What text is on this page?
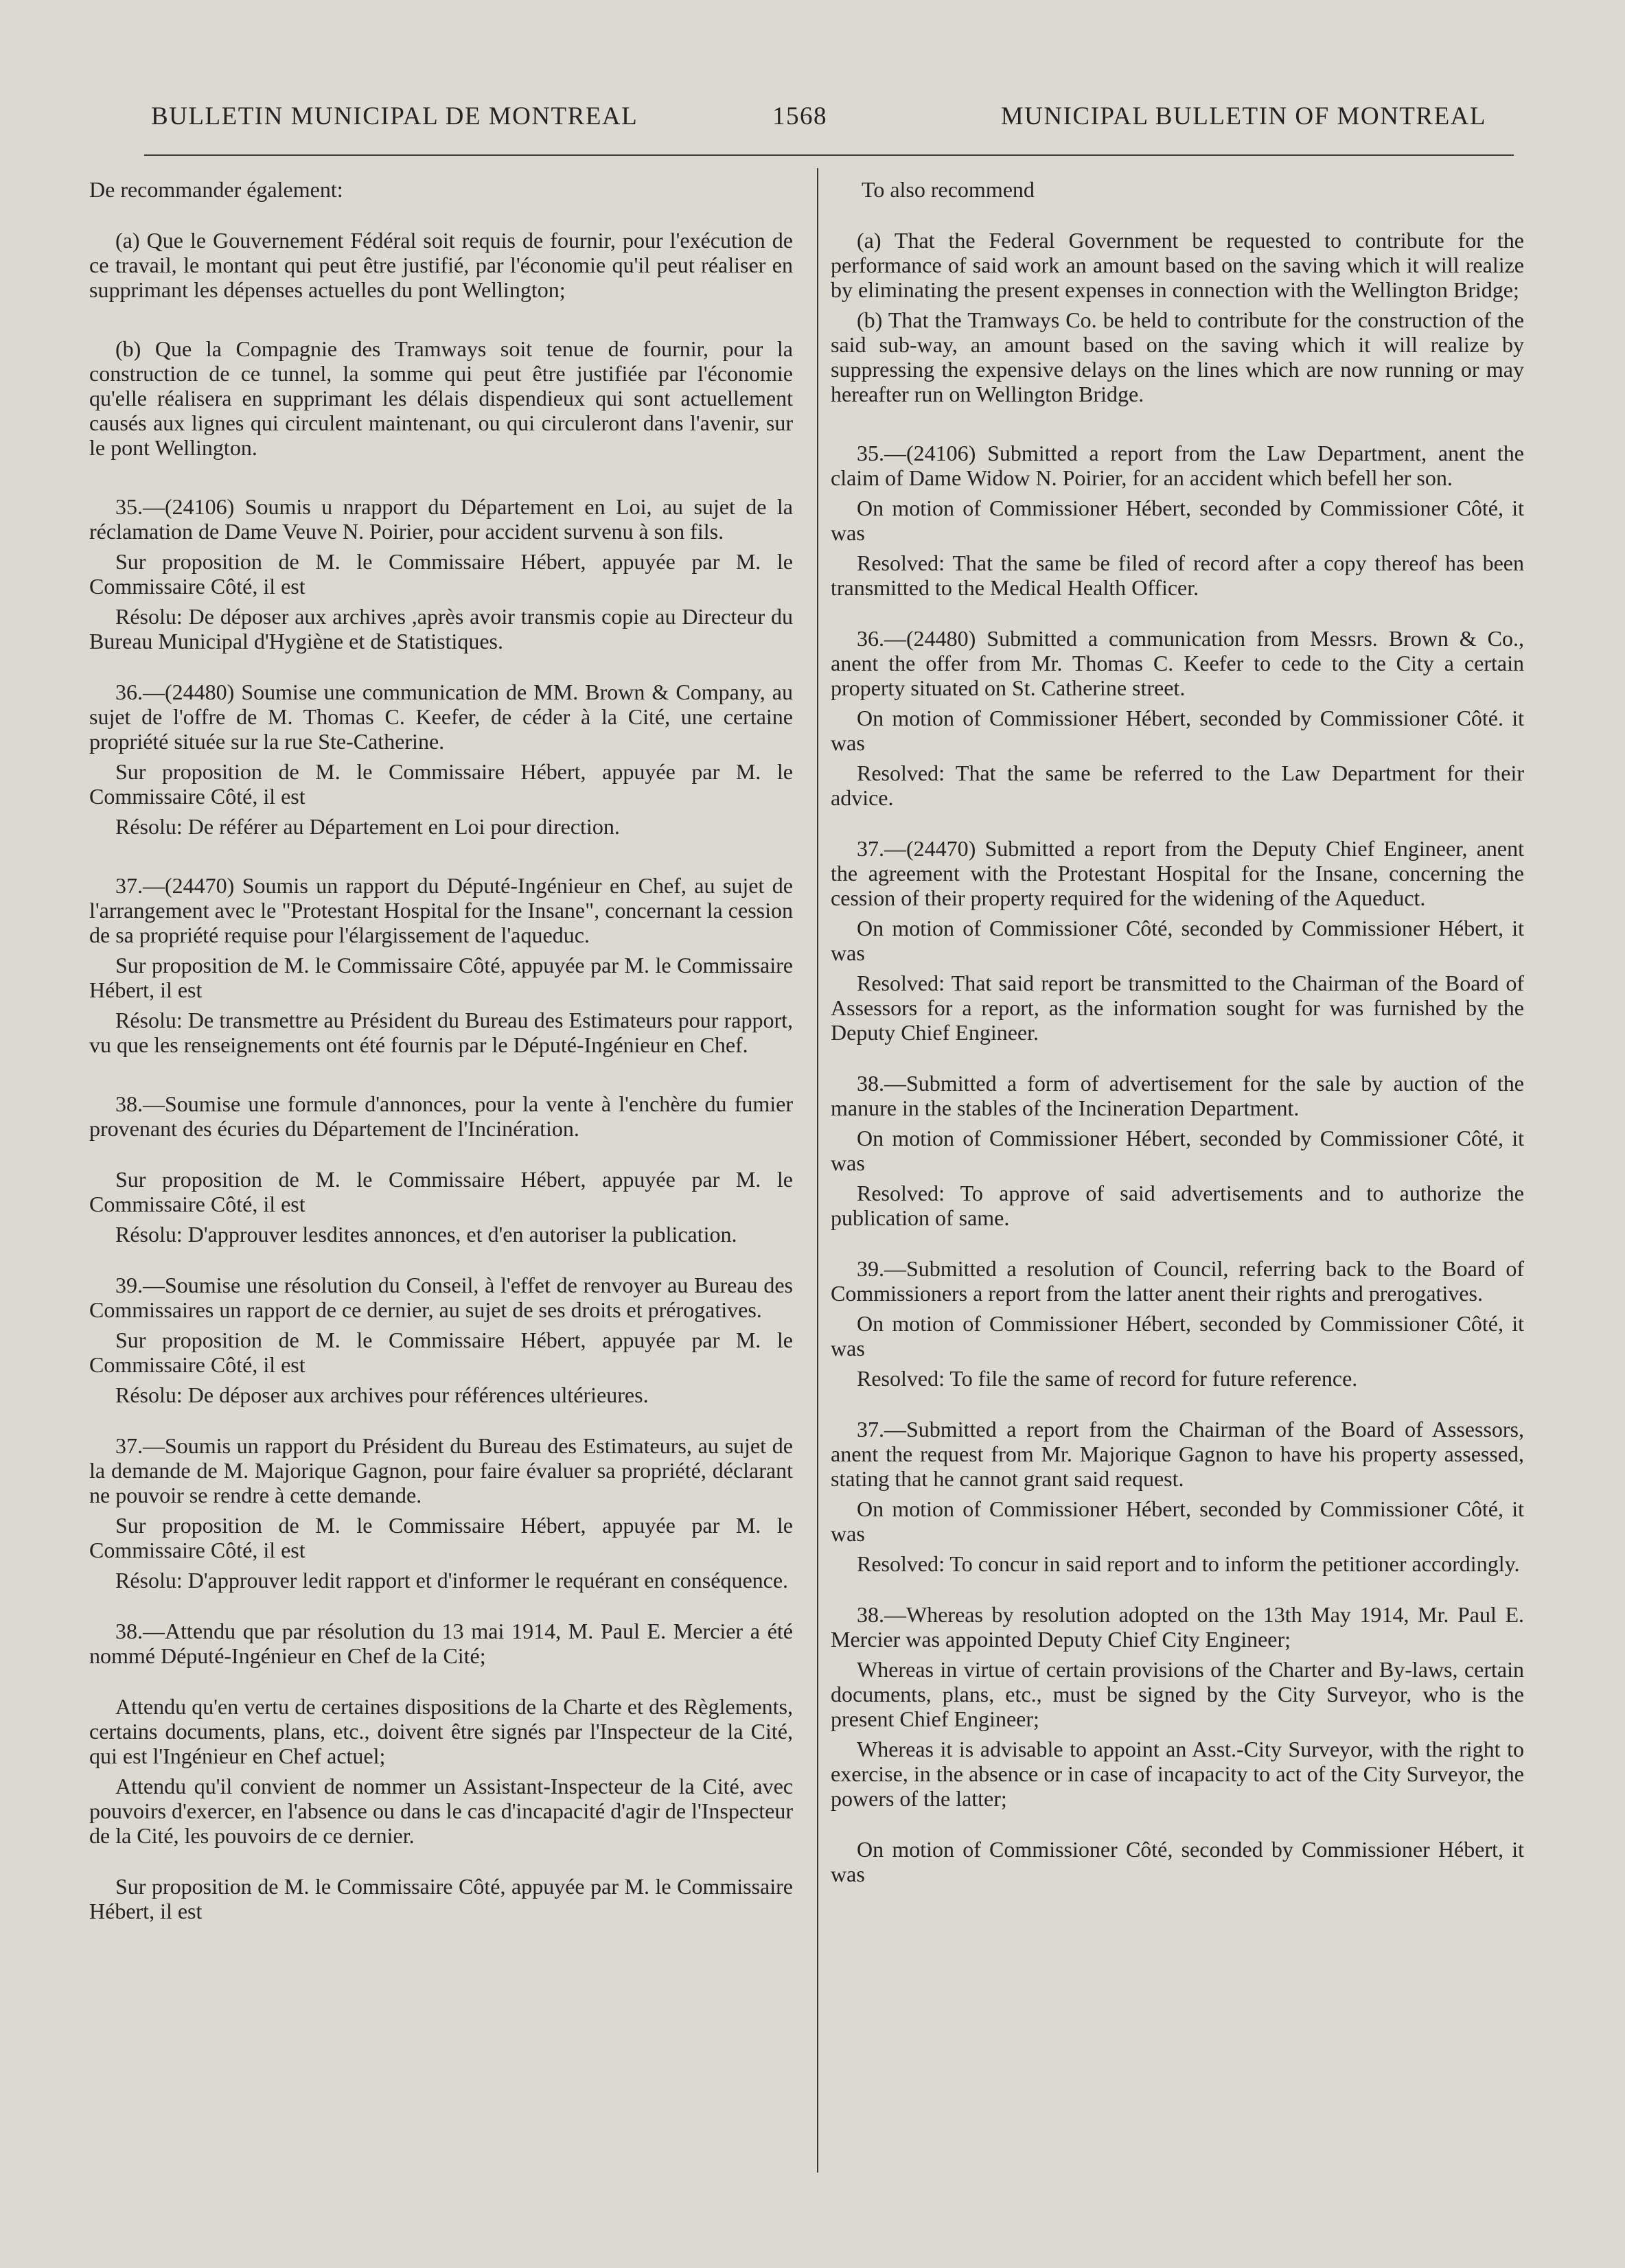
BULLETIN MUNICIPAL DE MONTREAL	1568	MUNICIPAL BULLETIN OF MONTREAL

De recommander également:

(a) Que le Gouvernement Fédéral soit requis de fournir, pour l'exécution de ce travail, le montant qui peut être justifié, par l'économie qu'il peut réaliser en supprimant les dépenses actuelles du pont Wellington;

(b) Que la Compagnie des Tramways soit tenue de fournir, pour la construction de ce tunnel, la somme qui peut être justifiée par l'économie qu'elle réalisera en supprimant les délais dispendieux qui sont actuellement causés aux lignes qui circulent maintenant, ou qui circuleront dans l'avenir, sur le pont Wellington.

35.—(24106) Soumis u nrapport du Département en Loi, au sujet de la réclamation de Dame Veuve N. Poirier, pour accident survenu à son fils.

Sur proposition de M. le Commissaire Hébert, appuyée par M. le Commissaire Côté, il est

Résolu: De déposer aux archives ,après avoir transmis copie au Directeur du Bureau Municipal d'Hygiène et de Statistiques.

36.—(24480) Soumise une communication de MM. Brown & Company, au sujet de l'offre de M. Thomas C. Keefer, de céder à la Cité, une certaine propriété située sur la rue Ste-Catherine.

Sur proposition de M. le Commissaire Hébert, appuyée par M. le Commissaire Côté, il est

Résolu: De référer au Département en Loi pour direction.

37.—(24470) Soumis un rapport du Député-Ingénieur en Chef, au sujet de l'arrangement avec le "Protestant Hospital for the Insane", concernant la cession de sa propriété requise pour l'élargissement de l'aqueduc.

Sur proposition de M. le Commissaire Côté, appuyée par M. le Commissaire Hébert, il est

Résolu: De transmettre au Président du Bureau des Estimateurs pour rapport, vu que les renseignements ont été fournis par le Député-Ingénieur en Chef.

38.—Soumise une formule d'annonces, pour la vente à l'enchère du fumier provenant des écuries du Département de l'Incinération.

Sur proposition de M. le Commissaire Hébert, appuyée par M. le Commissaire Côté, il est

Résolu: D'approuver lesdites annonces, et d'en autoriser la publication.

39.—Soumise une résolution du Conseil, à l'effet de renvoyer au Bureau des Commissaires un rapport de ce dernier, au sujet de ses droits et prérogatives.

Sur proposition de M. le Commissaire Hébert, appuyée par M. le Commissaire Côté, il est

Résolu: De déposer aux archives pour références ultérieures.

37.—Soumis un rapport du Président du Bureau des Estimateurs, au sujet de la demande de M. Majorique Gagnon, pour faire évaluer sa propriété, déclarant ne pouvoir se rendre à cette demande.

Sur proposition de M. le Commissaire Hébert, appuyée par M. le Commissaire Côté, il est

Résolu: D'approuver ledit rapport et d'informer le requérant en conséquence.

38.—Attendu que par résolution du 13 mai 1914, M. Paul E. Mercier a été nommé Député-Ingénieur en Chef de la Cité;

Attendu qu'en vertu de certaines dispositions de la Charte et des Règlements, certains documents, plans, etc., doivent être signés par l'Inspecteur de la Cité, qui est l'Ingénieur en Chef actuel;

Attendu qu'il convient de nommer un Assistant-Inspecteur de la Cité, avec pouvoirs d'exercer, en l'absence ou dans le cas d'incapacité d'agir de l'Inspecteur de la Cité, les pouvoirs de ce dernier.

Sur proposition de M. le Commissaire Côté, appuyée par M. le Commissaire Hébert, il est

To also recommend

(a) That the Federal Government be requested to contribute for the performance of said work an amount based on the saving which it will realize by eliminating the present expenses in connection with the Wellington Bridge;

(b) That the Tramways Co. be held to contribute for the construction of the said sub-way, an amount based on the saving which it will realize by suppressing the expensive delays on the lines which are now running or may hereafter run on Wellington Bridge.

35.—(24106) Submitted a report from the Law Department, anent the claim of Dame Widow N. Poirier, for an accident which befell her son.

On motion of Commissioner Hébert, seconded by Commissioner Côté, it was

Resolved: That the same be filed of record after a copy thereof has been transmitted to the Medical Health Officer.

36.—(24480) Submitted a communication from Messrs. Brown & Co., anent the offer from Mr. Thomas C. Keefer to cede to the City a certain property situated on St. Catherine street.

On motion of Commissioner Hébert, seconded by Commissioner Côté. it was

Resolved: That the same be referred to the Law Department for their advice.

37.—(24470) Submitted a report from the Deputy Chief Engineer, anent the agreement with the Protestant Hospital for the Insane, concerning the cession of their property required for the widening of the Aqueduct.

On motion of Commissioner Côté, seconded by Commissioner Hébert, it was

Resolved: That said report be transmitted to the Chairman of the Board of Assessors for a report, as the information sought for was furnished by the Deputy Chief Engineer.

38.—Submitted a form of advertisement for the sale by auction of the manure in the stables of the Incineration Department.

On motion of Commissioner Hébert, seconded by Commissioner Côté, it was

Resolved: To approve of said advertisements and to authorize the publication of same.

39.—Submitted a resolution of Council, referring back to the Board of Commissioners a report from the latter anent their rights and prerogatives.

On motion of Commissioner Hébert, seconded by Commissioner Côté, it was

Resolved: To file the same of record for future reference.

37.—Submitted a report from the Chairman of the Board of Assessors, anent the request from Mr. Majorique Gagnon to have his property assessed, stating that he cannot grant said request.

On motion of Commissioner Hébert, seconded by Commissioner Côté, it was

Resolved: To concur in said report and to inform the petitioner accordingly.

38.—Whereas by resolution adopted on the 13th May 1914, Mr. Paul E. Mercier was appointed Deputy Chief City Engineer;

Whereas in virtue of certain provisions of the Charter and By-laws, certain documents, plans, etc., must be signed by the City Surveyor, who is the present Chief Engineer;

Whereas it is advisable to appoint an Asst.-City Surveyor, with the right to exercise, in the absence or in case of incapacity to act of the City Surveyor, the powers of the latter;

On motion of Commissioner Côté, seconded by Commissioner Hébert, it was
